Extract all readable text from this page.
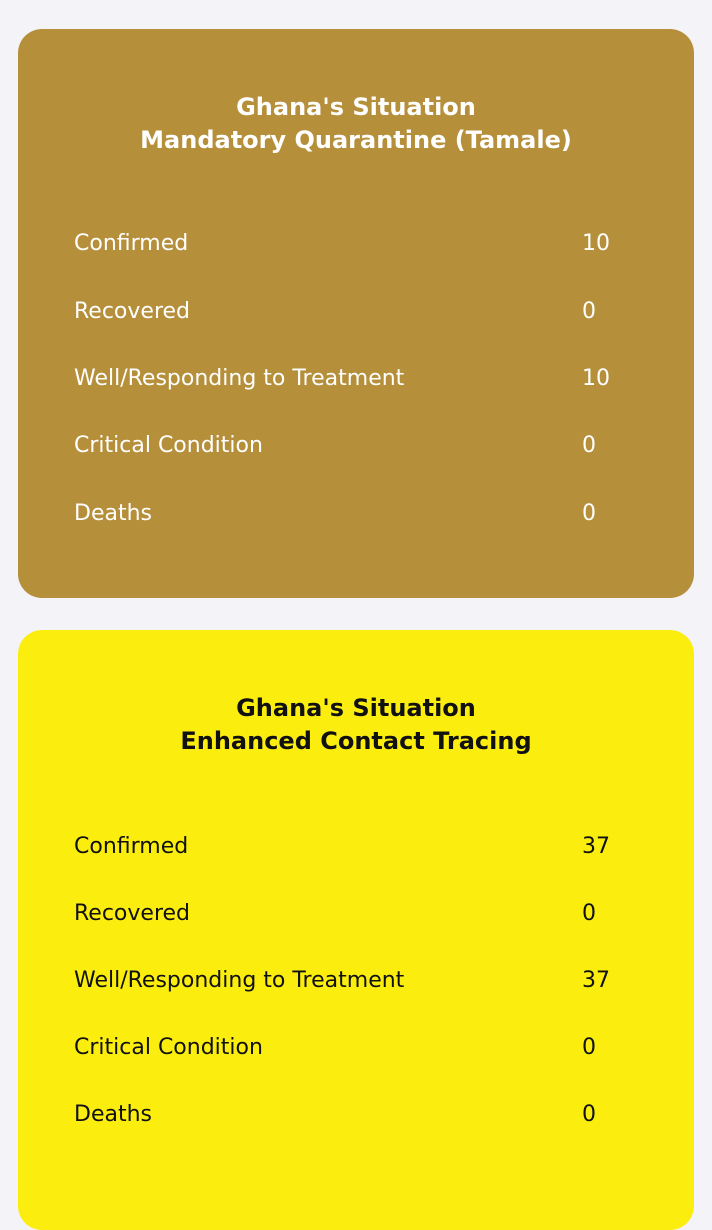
Ghana's Situation
Mandatory Quarantine (Tamale)
Confirmed	10
Recovered	0
Well/Responding to Treatment	10
Critical Condition	0
Deaths	0
Ghana's Situation
Enhanced Contact Tracing
Confirmed	37
Recovered	0
Well/Responding to Treatment	37
Critical Condition	0
Deaths	0
